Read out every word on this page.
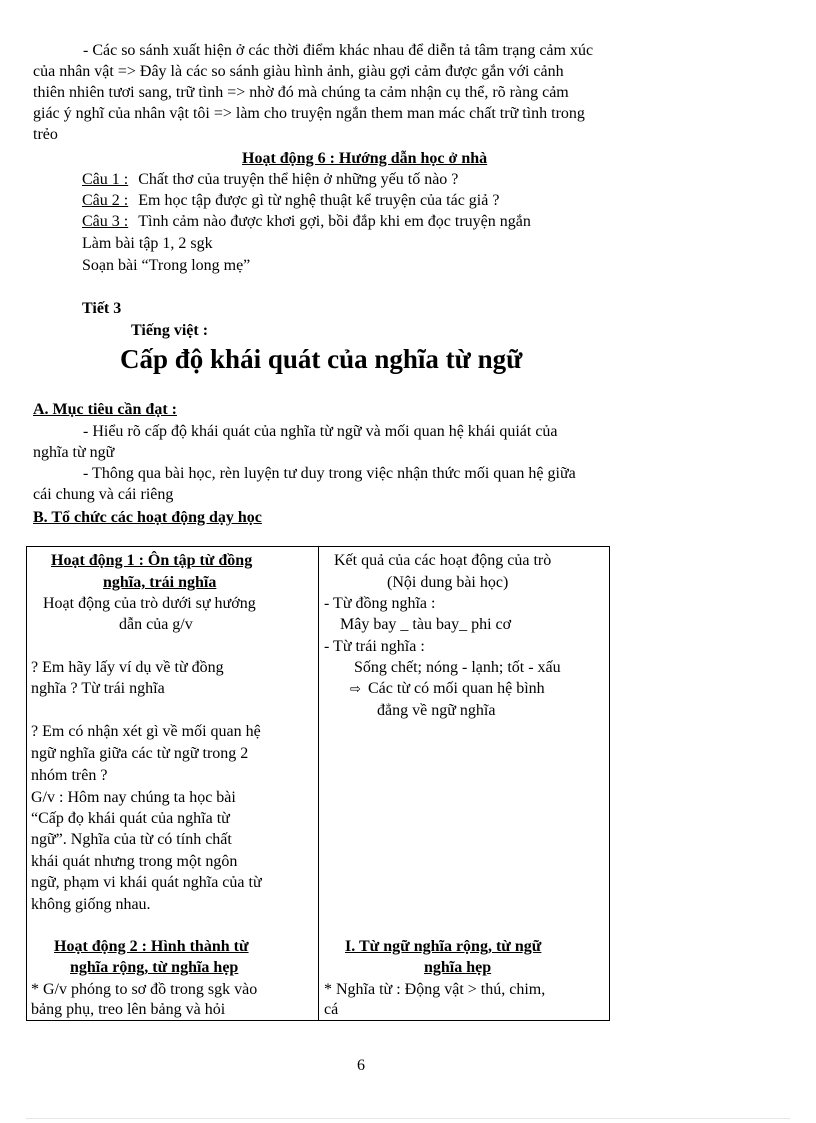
- Các so sánh xuất hiện ở các thời điểm khác nhau để diễn tả tâm trạng cảm xúc
của nhân vật => Đây là các so sánh giàu hình ảnh, giàu gợi cảm được gắn với cảnh
thiên nhiên tươi sang, trữ tình => nhờ đó mà chúng ta cảm nhận cụ thể, rõ ràng cảm
giác ý nghĩ của nhân vật tôi => làm cho truyện ngắn them man mác chất trữ tình trong
trẻo
Hoạt động 6 : Hướng dẫn học ở nhà
Câu 1 : Chất thơ của truyện thể hiện ở những yếu tố nào ?
Câu 2 : Em học tập được gì từ nghệ thuật kể truyện của tác giả ?
Câu 3 : Tình cảm nào được khơi gợi, bồi đắp khi em đọc truyện ngắn
Làm bài tập 1, 2 sgk
Soạn bài “Trong long mẹ”
Tiết 3
Tiếng việt :
Cấp độ khái quát của nghĩa từ ngữ
A. Mục tiêu cần đạt :
- Hiểu rõ cấp độ khái quát của nghĩa từ ngữ và mối quan hệ khái quiát của
nghĩa từ ngữ
- Thông qua bài học, rèn luyện tư duy trong việc nhận thức mối quan hệ giữa
cái chung và cái riêng
B. Tổ chức các hoạt động dạy học
Hoạt động 1 : Ôn tập từ đồng
nghĩa, trái nghĩa
Hoạt động của trò dưới sự hướng
dẫn của g/v
? Em hãy lấy ví dụ về từ đồng
nghĩa ? Từ trái nghĩa
? Em có nhận xét gì về mối quan hệ
ngữ nghĩa giữa các từ ngữ trong 2
nhóm trên ?
G/v : Hôm nay chúng ta học bài
“Cấp đọ khái quát của nghĩa từ
ngữ”. Nghĩa của từ có tính chất
khái quát nhưng trong một ngôn
ngữ, phạm vi khái quát nghĩa của từ
không giống nhau.
Hoạt động 2 : Hình thành từ
nghĩa rộng, từ nghĩa hẹp
* G/v phóng to sơ đồ trong sgk vào
bảng phụ, treo lên bảng và hỏi
Kết quả của các hoạt động của trò
(Nội dung bài học)
- Từ đồng nghĩa :
Mây bay _ tàu bay_ phi cơ
- Từ trái nghĩa :
Sống chết; nóng - lạnh; tốt - xấu
⇨ Các từ có mối quan hệ bình
đẳng về ngữ nghĩa
I. Từ ngữ nghĩa rộng, từ ngữ
nghĩa hẹp
* Nghĩa từ : Động vật > thú, chim,
cá
6
